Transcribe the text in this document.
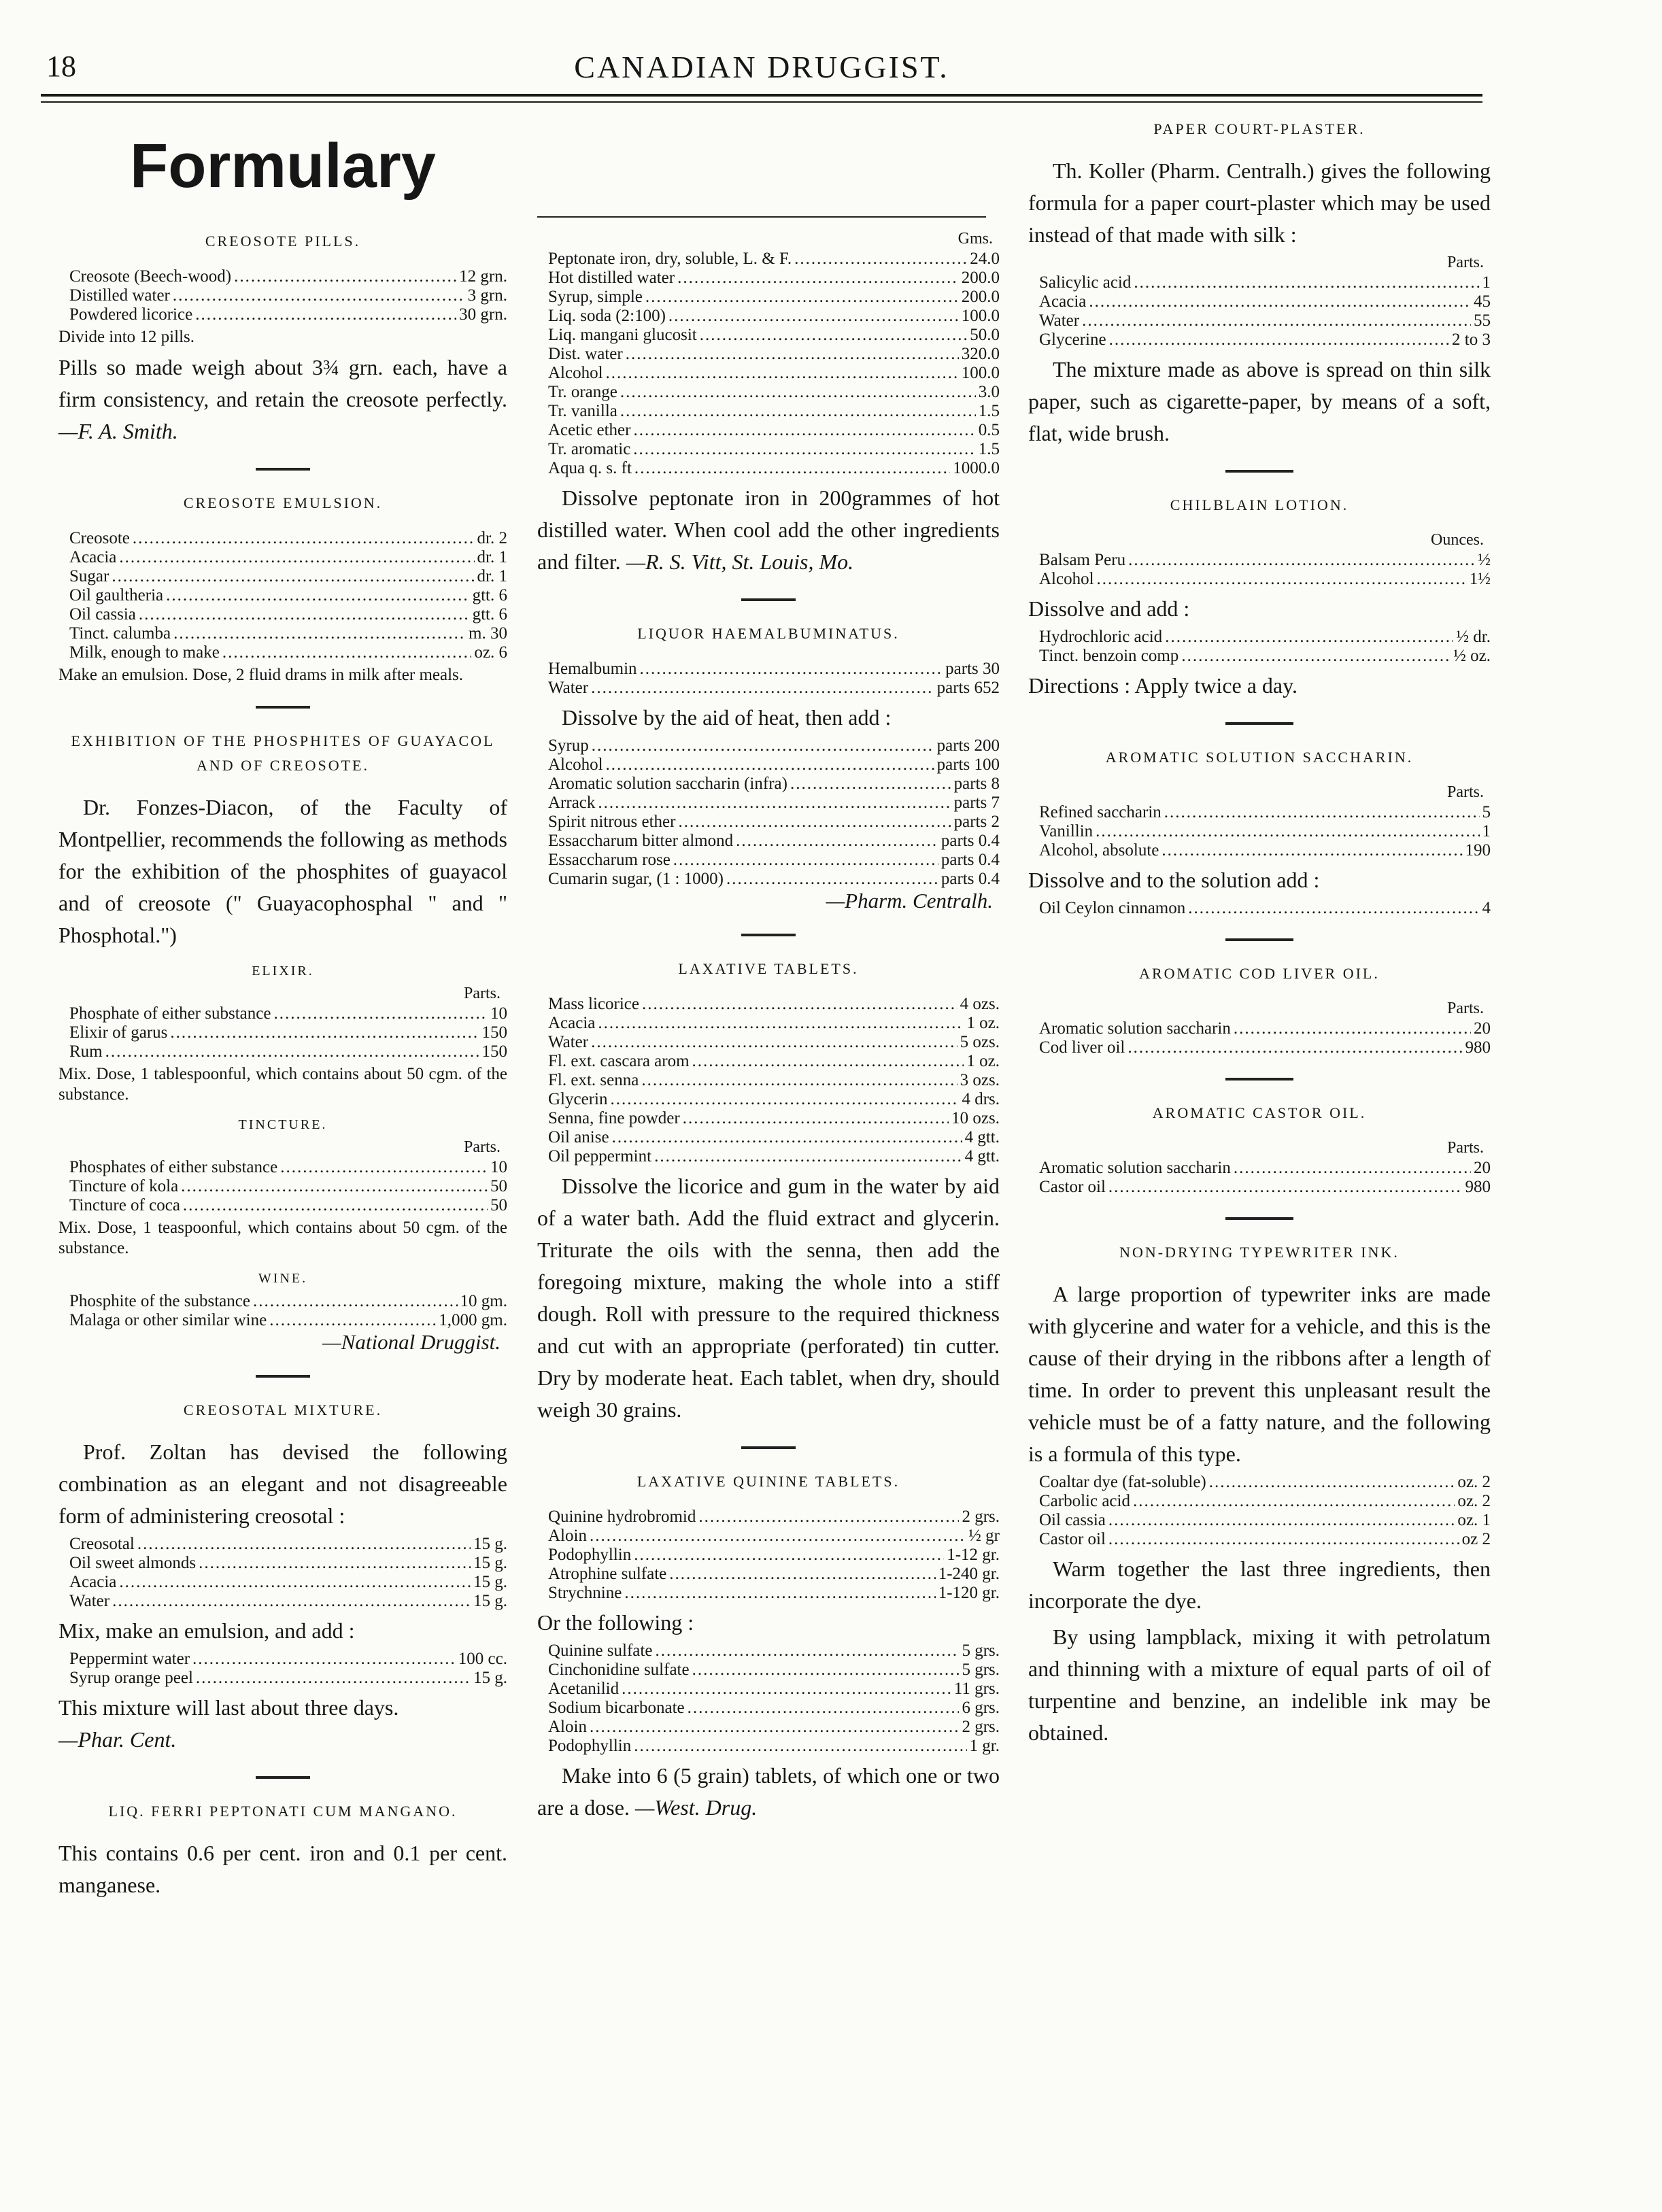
18	CANADIAN DRUGGIST.
Formulary
CREOSOTE PILLS.
Creosote (Beech-wood) .....	12 grn.
Distilled water .....	3 grn.
Powdered licorice .....	30 grn.
Divide into 12 pills.
Pills so made weigh about 3¾ grn. each, have a firm consistency, and retain the creosote perfectly. —F. A. Smith.
CREOSOTE EMULSION.
Creosote .....	dr. 2
Acacia .....	dr. 1
Sugar .....	dr. 1
Oil gaultheria .....	gtt. 6
Oil cassia .....	gtt. 6
Tinct. calumba .....	m. 30
Milk, enough to make .....	oz. 6
Make an emulsion. Dose, 2 fluid drams in milk after meals.
EXHIBITION OF THE PHOSPHITES OF GUAYACOL AND OF CREOSOTE.
Dr. Fonzes-Diacon, of the Faculty of Montpellier, recommends the following as methods for the exhibition of the phosphites of guayacol and of creosote (" Guayacophosphal " and " Phosphotal.")
ELIXIR.
Parts.
Phosphate of either substance .....	10
Elixir of garus .....	150
Rum .....	150
Mix. Dose, 1 tablespoonful, which contains about 50 cgm. of the substance.
TINCTURE.
Parts.
Phosphates of either substance .....	10
Tincture of kola .....	50
Tincture of coca .....	50
Mix. Dose, 1 teaspoonful, which contains about 50 cgm. of the substance.
WINE.
Phosphite of the substance .....	10 gm.
Malaga or other similar wine .....	1,000 gm.
—National Druggist.
CREOSOTAL MIXTURE.
Prof. Zoltan has devised the following combination as an elegant and not disagreeable form of administering creosotal :
Creosotal .....	15 g.
Oil sweet almonds .....	15 g.
Acacia .....	15 g.
Water .....	15 g.
Mix, make an emulsion, and add :
Peppermint water .....	100 cc.
Syrup orange peel .....	15 g.
This mixture will last about three days.
—Phar. Cent.
LIQ. FERRI PEPTONATI CUM MANGANO.
This contains 0.6 per cent. iron and 0.1 per cent. manganese.
Gms.
Peptonate iron, dry, soluble, L. & F. .....	24.0
Hot distilled water .....	200.0
Syrup, simple .....	200.0
Liq. soda (2:100) .....	100.0
Liq. mangani glucosit .....	50.0
Dist. water .....	320.0
Alcohol .....	100.0
Tr. orange .....	3.0
Tr. vanilla .....	1.5
Acetic ether .....	0.5
Tr. aromatic .....	1.5
Aqua q. s. ft .....	1000.0
Dissolve peptonate iron in 200grammes of hot distilled water. When cool add the other ingredients and filter. —R. S. Vitt, St. Louis, Mo.
LIQUOR HAEMALBUMINATUS.
Hemalbumin .....	parts 30
Water .....	parts 652
Dissolve by the aid of heat, then add :
Syrup .....	parts 200
Alcohol .....	parts 100
Aromatic solution saccharin (infra) .....	parts 8
Arrack .....	parts 7
Spirit nitrous ether .....	parts 2
Essaccharum bitter almond .....	parts 0.4
Essaccharum rose .....	parts 0.4
Cumarin sugar, (1 : 1000) .....	parts 0.4
—Pharm. Centralh.
LAXATIVE TABLETS.
Mass licorice .....	4 ozs.
Acacia .....	1 oz.
Water .....	5 ozs.
Fl. ext. cascara arom .....	1 oz.
Fl. ext. senna .....	3 ozs.
Glycerin .....	4 drs.
Senna, fine powder .....	10 ozs.
Oil anise .....	4 gtt.
Oil peppermint .....	4 gtt.
Dissolve the licorice and gum in the water by aid of a water bath. Add the fluid extract and glycerin. Triturate the oils with the senna, then add the foregoing mixture, making the whole into a stiff dough. Roll with pressure to the required thickness and cut with an appropriate (perforated) tin cutter. Dry by moderate heat. Each tablet, when dry, should weigh 30 grains.
LAXATIVE QUININE TABLETS.
Quinine hydrobromid .....	2 grs.
Aloin .....	½ gr
Podophyllin .....	1-12 gr.
Atrophine sulfate .....	1-240 gr.
Strychnine .....	1-120 gr.
Or the following :
Quinine sulfate .....	5 grs.
Cinchonidine sulfate .....	5 grs.
Acetanilid .....	11 grs.
Sodium bicarbonate .....	6 grs.
Aloin .....	2 grs.
Podophyllin .....	1 gr.
Make into 6 (5 grain) tablets, of which one or two are a dose. —West. Drug.
PAPER COURT-PLASTER.
Th. Koller (Pharm. Centralh.) gives the following formula for a paper court-plaster which may be used instead of that made with silk :
Parts.
Salicylic acid .....	1
Acacia .....	45
Water .....	55
Glycerine .....	2 to 3
The mixture made as above is spread on thin silk paper, such as cigarette-paper, by means of a soft, flat, wide brush.
CHILBLAIN LOTION.
Ounces.
Balsam Peru .....	½
Alcohol .....	1½
Dissolve and add :
Hydrochloric acid .....	½ dr.
Tinct. benzoin comp .....	½ oz.
Directions : Apply twice a day.
AROMATIC SOLUTION SACCHARIN.
Parts.
Refined saccharin .....	5
Vanillin .....	1
Alcohol, absolute .....	190
Dissolve and to the solution add :
Oil Ceylon cinnamon .....	4
AROMATIC COD LIVER OIL.
Parts.
Aromatic solution saccharin .....	20
Cod liver oil .....	980
AROMATIC CASTOR OIL.
Parts.
Aromatic solution saccharin .....	20
Castor oil .....	980
NON-DRYING TYPEWRITER INK.
A large proportion of typewriter inks are made with glycerine and water for a vehicle, and this is the cause of their drying in the ribbons after a length of time. In order to prevent this unpleasant result the vehicle must be of a fatty nature, and the following is a formula of this type.
Coaltar dye (fat-soluble) .....	oz. 2
Carbolic acid .....	oz. 2
Oil cassia .....	oz. 1
Castor oil .....	oz 2
Warm together the last three ingredients, then incorporate the dye.
By using lampblack, mixing it with petrolatum and thinning with a mixture of equal parts of oil of turpentine and benzine, an indelible ink may be obtained.
